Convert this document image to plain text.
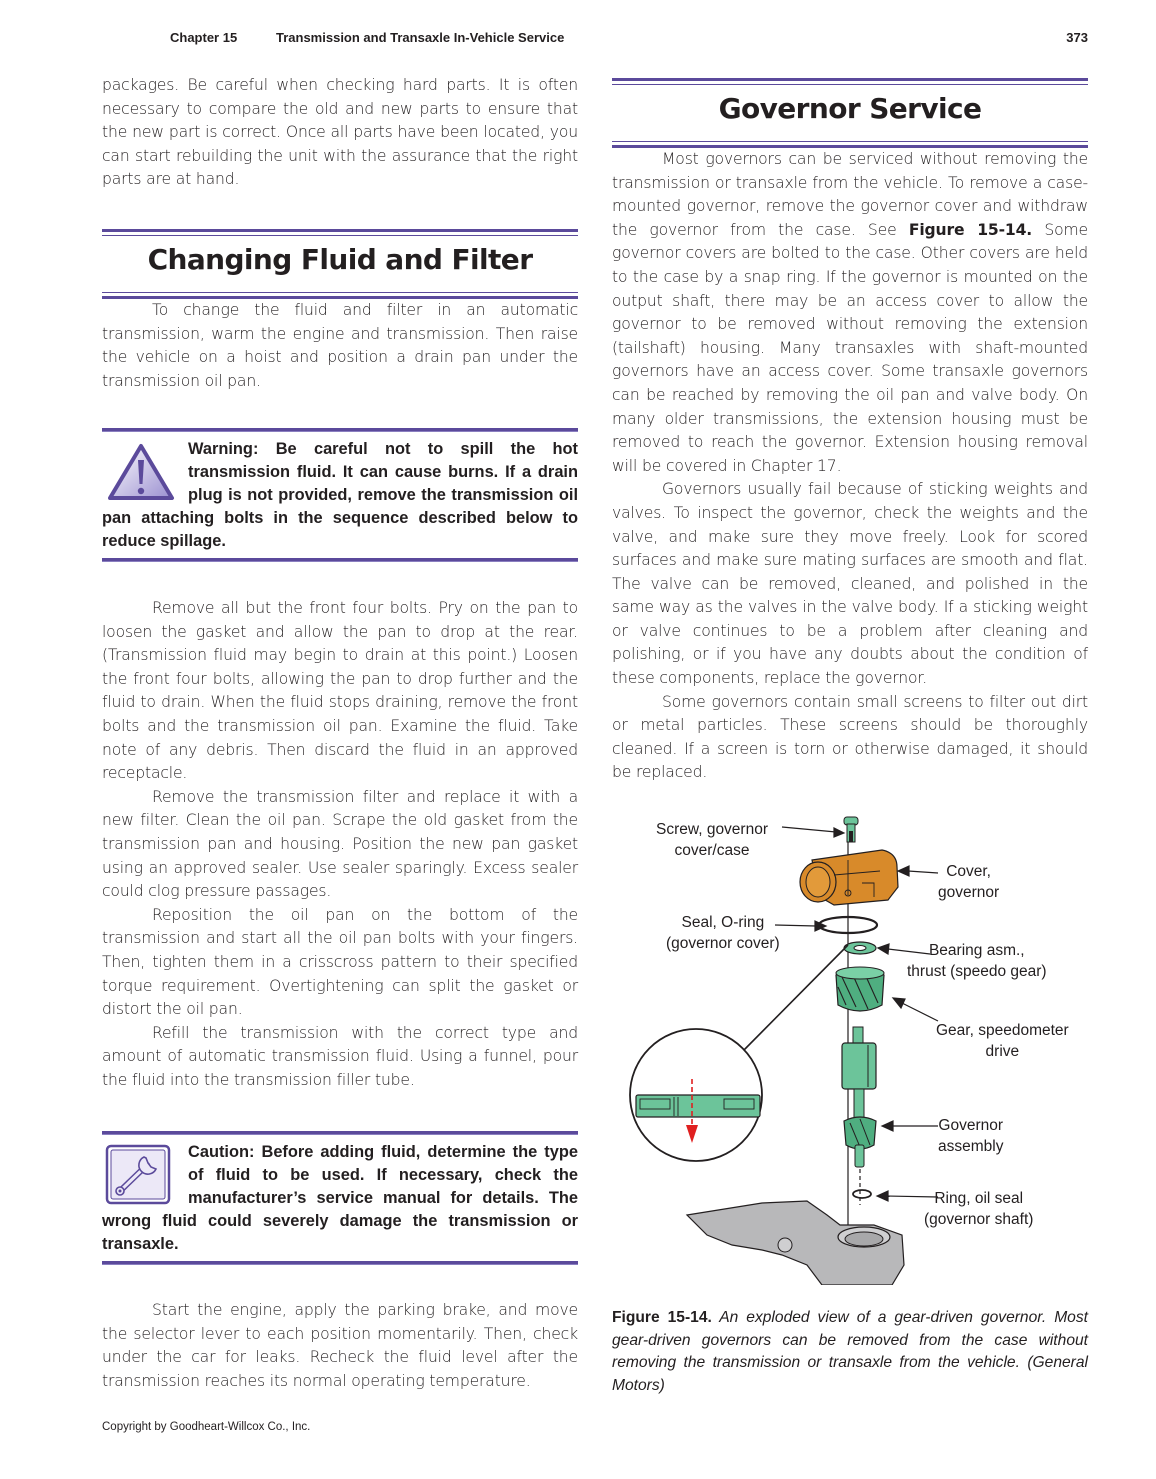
Chapter 15	Transmission and Transaxle In-Vehicle Service	373

packages. Be careful when checking hard parts. It is often necessary to compare the old and new parts to ensure that the new part is correct. Once all parts have been located, you can start rebuilding the unit with the assurance that the right parts are at hand.

Changing Fluid and Filter

To change the fluid and filter in an automatic transmission, warm the engine and transmission. Then raise the vehicle on a hoist and position a drain pan under the transmission oil pan.

Warning: Be careful not to spill the hot transmission fluid. It can cause burns. If a drain plug is not provided, remove the transmission oil pan attaching bolts in the sequence described below to reduce spillage.

Remove all but the front four bolts. Pry on the pan to loosen the gasket and allow the pan to drop at the rear. (Transmission fluid may begin to drain at this point.) Loosen the front four bolts, allowing the pan to drop further and the fluid to drain. When the fluid stops draining, remove the front bolts and the transmission oil pan. Examine the fluid. Take note of any debris. Then discard the fluid in an approved receptacle.

Remove the transmission filter and replace it with a new filter. Clean the oil pan. Scrape the old gasket from the transmission pan and housing. Position the new pan gasket using an approved sealer. Use sealer sparingly. Excess sealer could clog pressure passages.

Reposition the oil pan on the bottom of the transmission and start all the oil pan bolts with your fingers. Then, tighten them in a crisscross pattern to their specified torque requirement. Overtightening can split the gasket or distort the oil pan.

Refill the transmission with the correct type and amount of automatic transmission fluid. Using a funnel, pour the fluid into the transmission filler tube.

Caution: Before adding fluid, determine the type of fluid to be used. If necessary, check the manufacturer’s service manual for details. The wrong fluid could severely damage the transmission or transaxle.

Start the engine, apply the parking brake, and move the selector lever to each position momentarily. Then, check under the car for leaks. Recheck the fluid level after the transmission reaches its normal operating temperature.

Governor Service

Most governors can be serviced without removing the transmission or transaxle from the vehicle. To remove a case-mounted governor, remove the governor cover and withdraw the governor from the case. See Figure 15-14. Some governor covers are bolted to the case. Other covers are held to the case by a snap ring. If the governor is mounted on the output shaft, there may be an access cover to allow the governor to be removed without removing the extension (tailshaft) housing. Many transaxles with shaft-mounted governors have an access cover. Some transaxle governors can be reached by removing the oil pan and valve body. On many older transmissions, the extension housing must be removed to reach the governor. Extension housing removal will be covered in Chapter 17.

Governors usually fail because of sticking weights and valves. To inspect the governor, check the weights and the valve, and make sure they move freely. Look for scored surfaces and make sure mating surfaces are smooth and flat. The valve can be removed, cleaned, and polished in the same way as the valves in the valve body. If a sticking weight or valve continues to be a problem after cleaning and polishing, or if you have any doubts about the condition of these components, replace the governor.

Some governors contain small screens to filter out dirt or metal particles. These screens should be thoroughly cleaned. If a screen is torn or otherwise damaged, it should be replaced.

Screw, governor
cover/case
Cover,
governor
Seal, O-ring
(governor cover)	Bearing asm.,
thrust (speedo gear)
Gear, speedometer
drive
Governor
assembly
Ring, oil seal
(governor shaft)
Figure 15-14. An exploded view of a gear-driven governor. Most gear-driven governors can be removed from the case without removing the transmission or transaxle from the vehicle. (General Motors)
Copyright by Goodheart-Willcox Co., Inc.
